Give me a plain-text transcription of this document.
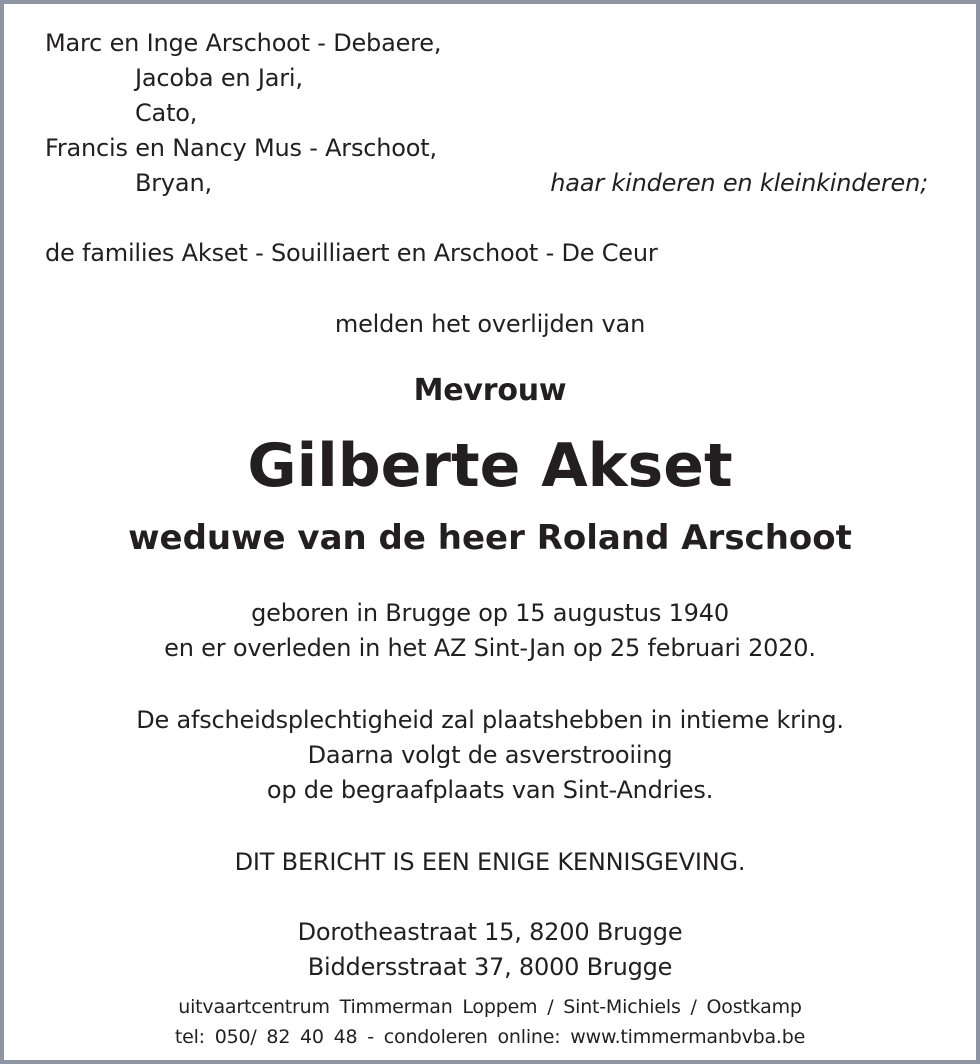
Marc en Inge Arschoot - Debaere,
Jacoba en Jari,
Cato,
Francis en Nancy Mus - Arschoot,
Bryan,	haar kinderen en kleinkinderen;
de families Akset - Souilliaert en Arschoot - De Ceur
melden het overlijden van
Mevrouw
Gilberte Akset
weduwe van de heer Roland Arschoot
geboren in Brugge op 15 augustus 1940
en er overleden in het AZ Sint-Jan op 25 februari 2020.
De afscheidsplechtigheid zal plaatshebben in intieme kring.
Daarna volgt de asverstrooiing
op de begraafplaats van Sint-Andries.
DIT BERICHT IS EEN ENIGE KENNISGEVING.
Dorotheastraat 15, 8200 Brugge
Biddersstraat 37, 8000 Brugge
uitvaartcentrum Timmerman Loppem / Sint-Michiels / Oostkamp
tel: 050/ 82 40 48 - condoleren online: www.timmermanbvba.be
